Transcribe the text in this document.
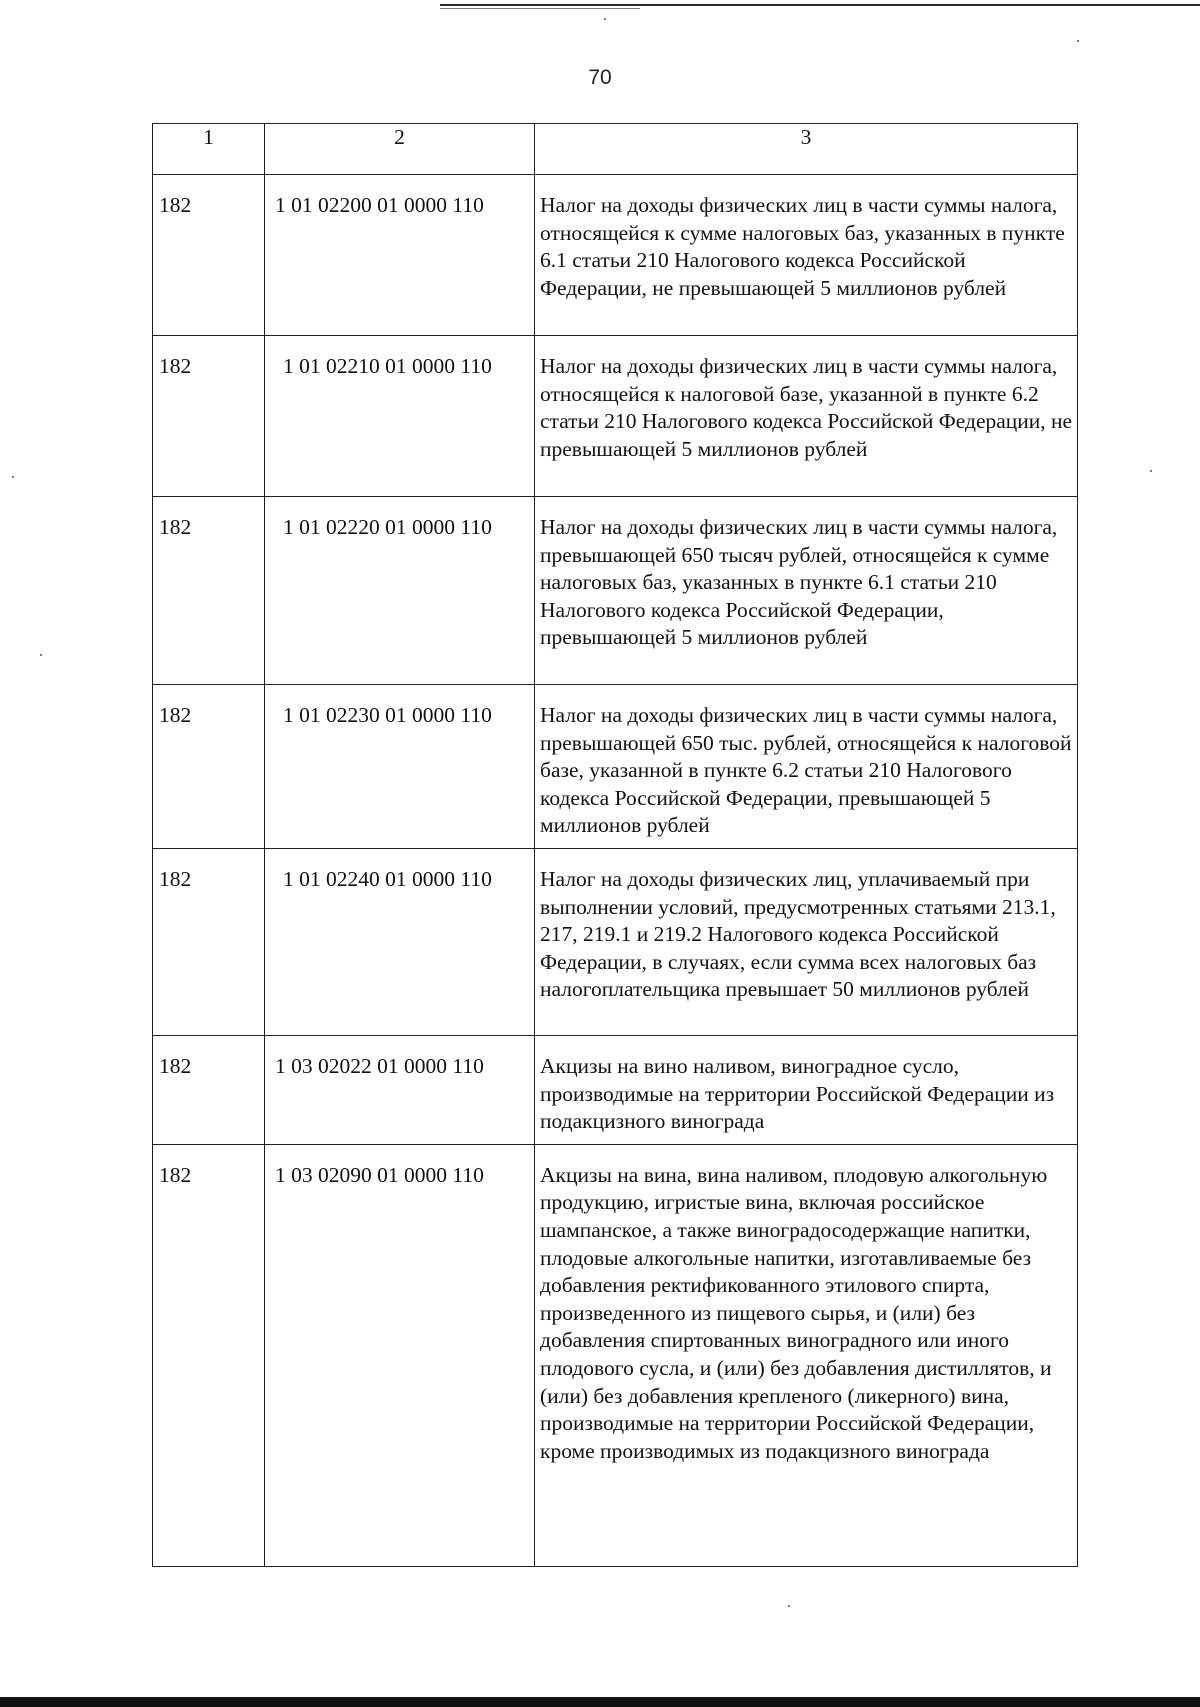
70
1	2	3
182	1 01 02200 01 0000 110	Налог на доходы физических лиц в части суммы налога, относящейся к сумме налоговых баз, указанных в пункте 6.1 статьи 210 Налогового кодекса Российской Федерации, не превышающей 5 миллионов рублей
182	1 01 02210 01 0000 110	Налог на доходы физических лиц в части суммы налога, относящейся к налоговой базе, указанной в пункте 6.2 статьи 210 Налогового кодекса Российской Федерации, не превышающей 5 миллионов рублей
182	1 01 02220 01 0000 110	Налог на доходы физических лиц в части суммы налога, превышающей 650 тысяч рублей, относящейся к сумме налоговых баз, указанных в пункте 6.1 статьи 210 Налогового кодекса Российской Федерации, превышающей 5 миллионов рублей
182	1 01 02230 01 0000 110	Налог на доходы физических лиц в части суммы налога, превышающей 650 тыс. рублей, относящейся к налоговой базе, указанной в пункте 6.2 статьи 210 Налогового кодекса Российской Федерации, превышающей 5 миллионов рублей
182	1 01 02240 01 0000 110	Налог на доходы физических лиц, уплачиваемый при выполнении условий, предусмотренных статьями 213.1, 217, 219.1 и 219.2 Налогового кодекса Российской Федерации, в случаях, если сумма всех налоговых баз налогоплательщика превышает 50 миллионов рублей
182	1 03 02022 01 0000 110	Акцизы на вино наливом, виноградное сусло, производимые на территории Российской Федерации из подакцизного винограда
182	1 03 02090 01 0000 110	Акцизы на вина, вина наливом, плодовую алкогольную продукцию, игристые вина, включая российское шампанское, а также виноградосодержащие напитки, плодовые алкогольные напитки, изготавливаемые без добавления ректификованного этилового спирта, произведенного из пищевого сырья, и (или) без добавления спиртованных виноградного или иного плодового сусла, и (или) без добавления дистиллятов, и (или) без добавления крепленого (ликерного) вина, производимые на территории Российской Федерации, кроме производимых из подакцизного винограда
